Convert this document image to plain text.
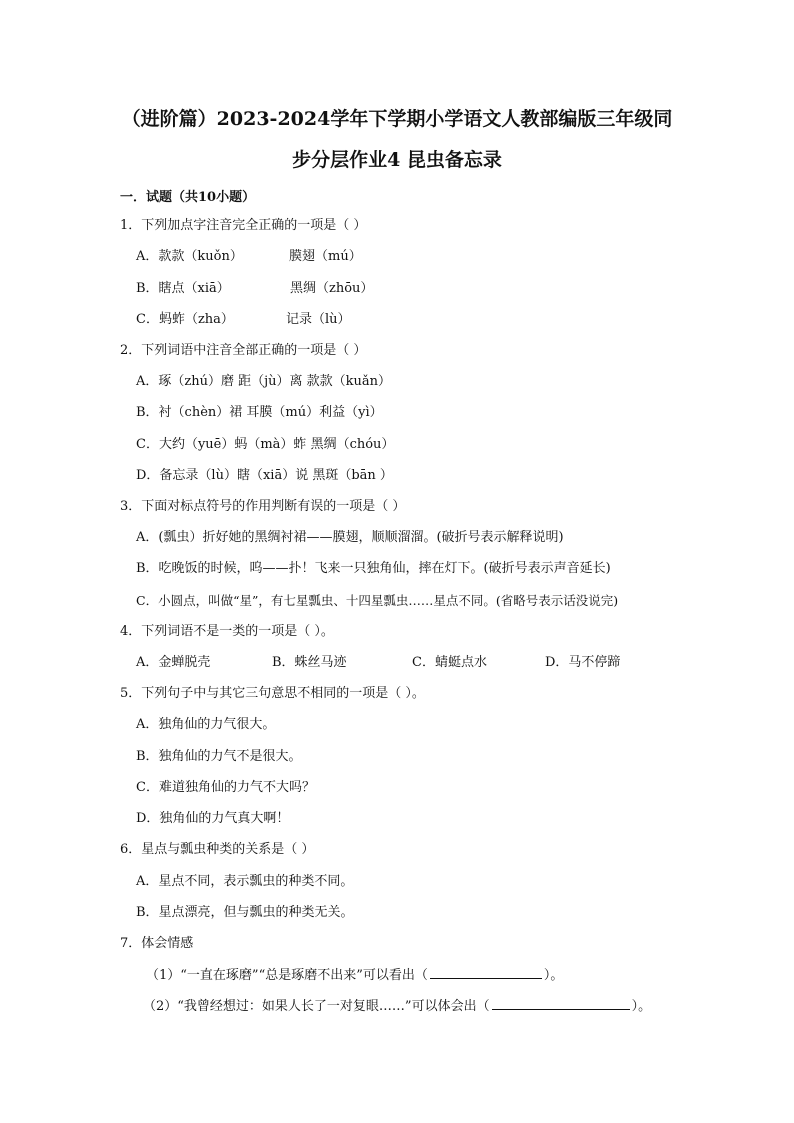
（进阶篇）2023-2024学年下学期小学语文人教部编版三年级同
步分层作业4 昆虫备忘录
一．试题（共10小题）
1．下列加点字注音完全正确的一项是（ ）
A．款款（kuǒn）	膜翅（mú）
B．瞎点（xiā）	黑绸（zhōu）
C．蚂蚱（zha）	记录（lù）
2．下列词语中注音全部正确的一项是（ ）
A．琢（zhú）磨 距（jù）离 款款（kuǎn）
B．衬（chèn）裙 耳膜（mú）利益（yì）
C．大约（yuē）蚂（mà）蚱 黑绸（chóu）
D．备忘录（lù）瞎（xiā）说 黑斑（bān ）
3．下面对标点符号的作用判断有误的一项是（ ）
A．(瓢虫）折好她的黑绸衬裙——膜翅，顺顺溜溜。(破折号表示解释说明)
B．吃晚饭的时候，呜——扑！飞来一只独角仙，摔在灯下。(破折号表示声音延长)
C．小圆点，叫做“星”，有七星瓢虫、十四星瓢虫……星点不同。(省略号表示话没说完)
4．下列词语不是一类的一项是（ ）。
A．金蝉脱壳	B．蛛丝马迹	C．蜻蜓点水	D．马不停蹄
5．下列句子中与其它三句意思不相同的一项是（ ）。
A．独角仙的力气很大。
B．独角仙的力气不是很大。
C．难道独角仙的力气不大吗？
D．独角仙的力气真大啊！
6．星点与瓢虫种类的关系是（ ）
A．星点不同，表示瓢虫的种类不同。
B．星点漂亮，但与瓢虫的种类无关。
7．体会情感
（1）“一直在琢磨”“总是琢磨不出来”可以看出（	）。
（2）“我曾经想过：如果人长了一对复眼……”可以体会出（	）。
